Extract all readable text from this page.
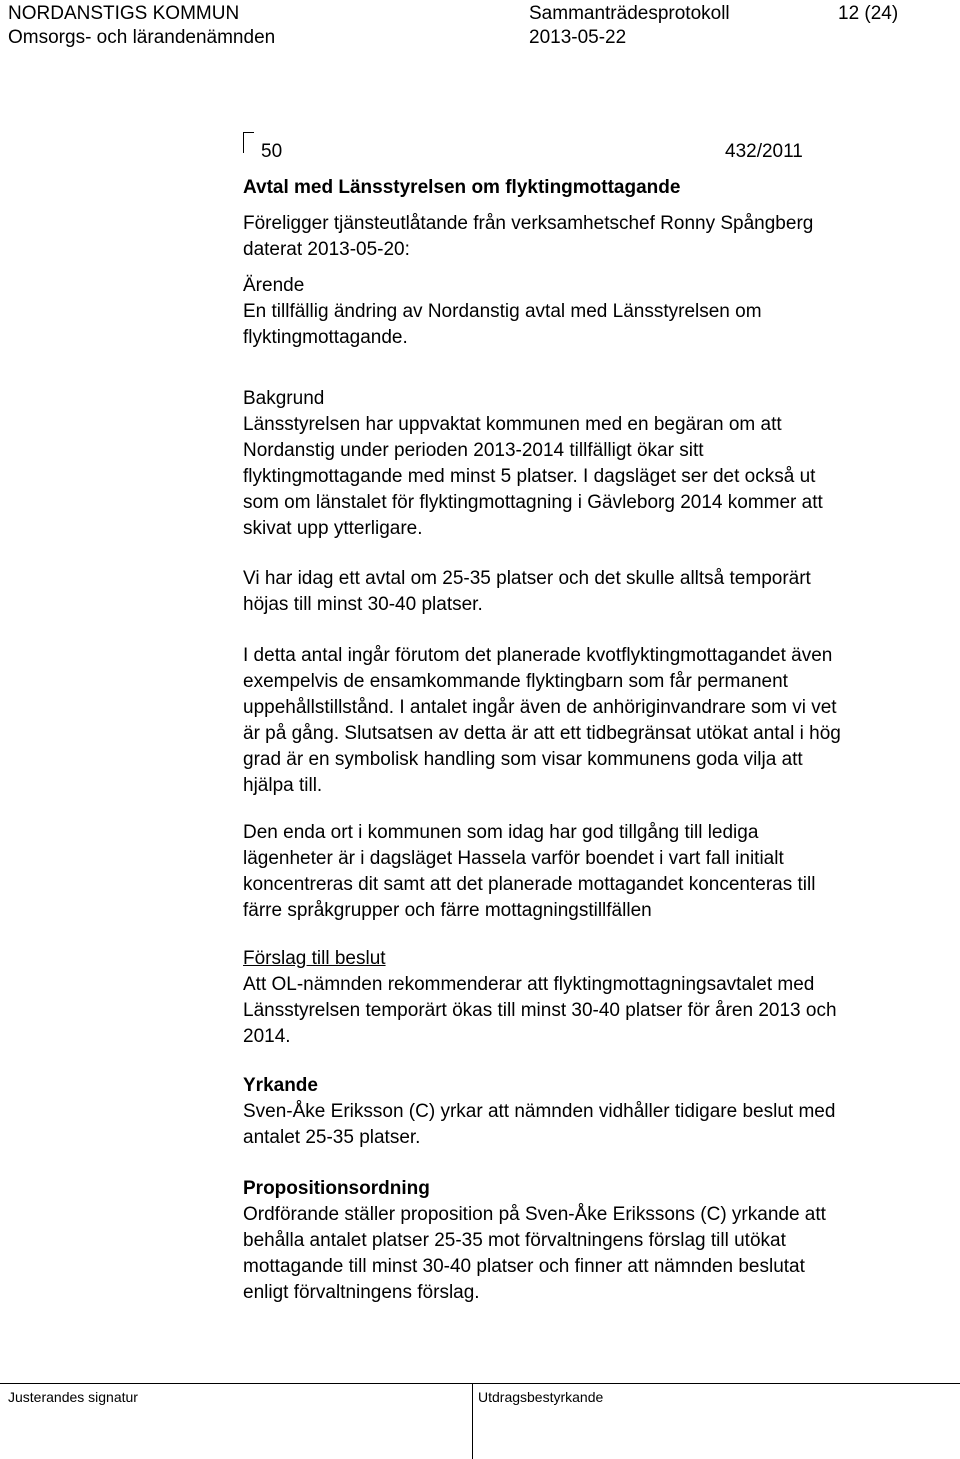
NORDANSTIGS KOMMUN	Sammanträdesprotokoll	12 (24)
Omsorgs- och lärandenämnden	2013-05-22
50	432/2011
Avtal med Länsstyrelsen om flyktingmottagande
Föreligger tjänsteutlåtande från verksamhetschef Ronny Spångberg
daterat 2013-05-20:
Ärende
En tillfällig ändring av Nordanstig avtal med Länsstyrelsen om
flyktingmottagande.
Bakgrund
Länsstyrelsen har uppvaktat kommunen med en begäran om att
Nordanstig under perioden 2013-2014 tillfälligt ökar sitt
flyktingmottagande med minst 5 platser. I dagsläget ser det också ut
som om länstalet för flyktingmottagning i Gävleborg 2014 kommer att
skivat upp ytterligare.
Vi har idag ett avtal om 25-35 platser och det skulle alltså temporärt
höjas till minst 30-40 platser.
I detta antal ingår förutom det planerade kvotflyktingmottagandet även
exempelvis de ensamkommande flyktingbarn som får permanent
uppehållstillstånd. I antalet ingår även de anhöriginvandrare som vi vet
är på gång. Slutsatsen av detta är att ett tidbegränsat utökat antal i hög
grad är en symbolisk handling som visar kommunens goda vilja att
hjälpa till.
Den enda ort i kommunen som idag har god tillgång till lediga
lägenheter är i dagsläget Hassela varför boendet i vart fall initialt
koncentreras dit samt att det planerade mottagandet koncenteras till
färre språkgrupper och färre mottagningstillfällen
Förslag till beslut
Att OL-nämnden rekommenderar att flyktingmottagningsavtalet med
Länsstyrelsen temporärt ökas till minst 30-40 platser för åren 2013 och
2014.
Yrkande
Sven-Åke Eriksson (C) yrkar att nämnden vidhåller tidigare beslut med
antalet 25-35 platser.
Propositionsordning
Ordförande ställer proposition på Sven-Åke Erikssons (C) yrkande att
behålla antalet platser 25-35 mot förvaltningens förslag till utökat
mottagande till minst 30-40 platser och finner att nämnden beslutat
enligt förvaltningens förslag.
Justerandes signatur	Utdragsbestyrkande
